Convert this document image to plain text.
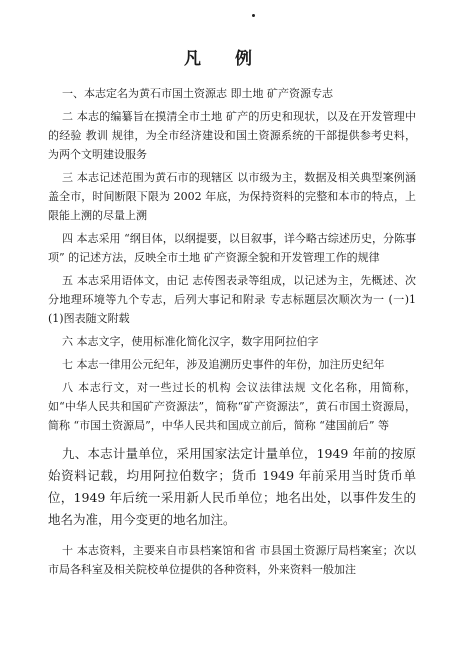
凡 例

一、本志定名为黄石市国土资源志 即土地 矿产资源专志

二 本志的编纂旨在摸清全市土地 矿产的历史和现状，以及在开发管理中的经验 教训 规律，为全市经济建设和国土资源系统的干部提供参考史料，为两个文明建设服务

三 本志记述范围为黄石市的现辖区 以市级为主，数据及相关典型案例涵盖全市，时间断限下限为 2002 年底，为保持资料的完整和本市的特点，上限能上溯的尽量上溯

四 本志采用 “纲目体，以纲提要，以目叙事，详今略古综述历史，分陈事项” 的记述方法，反映全市土地 矿产资源全貌和开发管理工作的规律

五 本志采用语体文，由记 志传图表录等组成，以记述为主，先概述、次分地理环境等九个专志，后列大事记和附录 专志标题层次顺次为一 (一)1 (1)图表随文附载

六 本志文字，使用标准化简化汉字，数字用阿拉伯字

七 本志一律用公元纪年，涉及追溯历史事件的年份，加注历史纪年

八 本志行文，对一些过长的机构 会议法律法规 文化名称，用简称，如“中华人民共和国矿产资源法”，简称“矿产资源法”，黄石市国土资源局，简称 “市国土资源局”，中华人民共和国成立前后，简称 “建国前后” 等

九、本志计量单位，采用国家法定计量单位，1949 年前的按原始资料记载，均用阿拉伯数字；货币 1949 年前采用当时货币单位，1949 年后统一采用新人民币单位；地名出处，以事件发生的地名为准，用今变更的地名加注。

十 本志资料，主要来自市县档案馆和省 市县国土资源厅局档案室；次以市局各科室及相关院校单位提供的各种资料，外来资料一般加注
